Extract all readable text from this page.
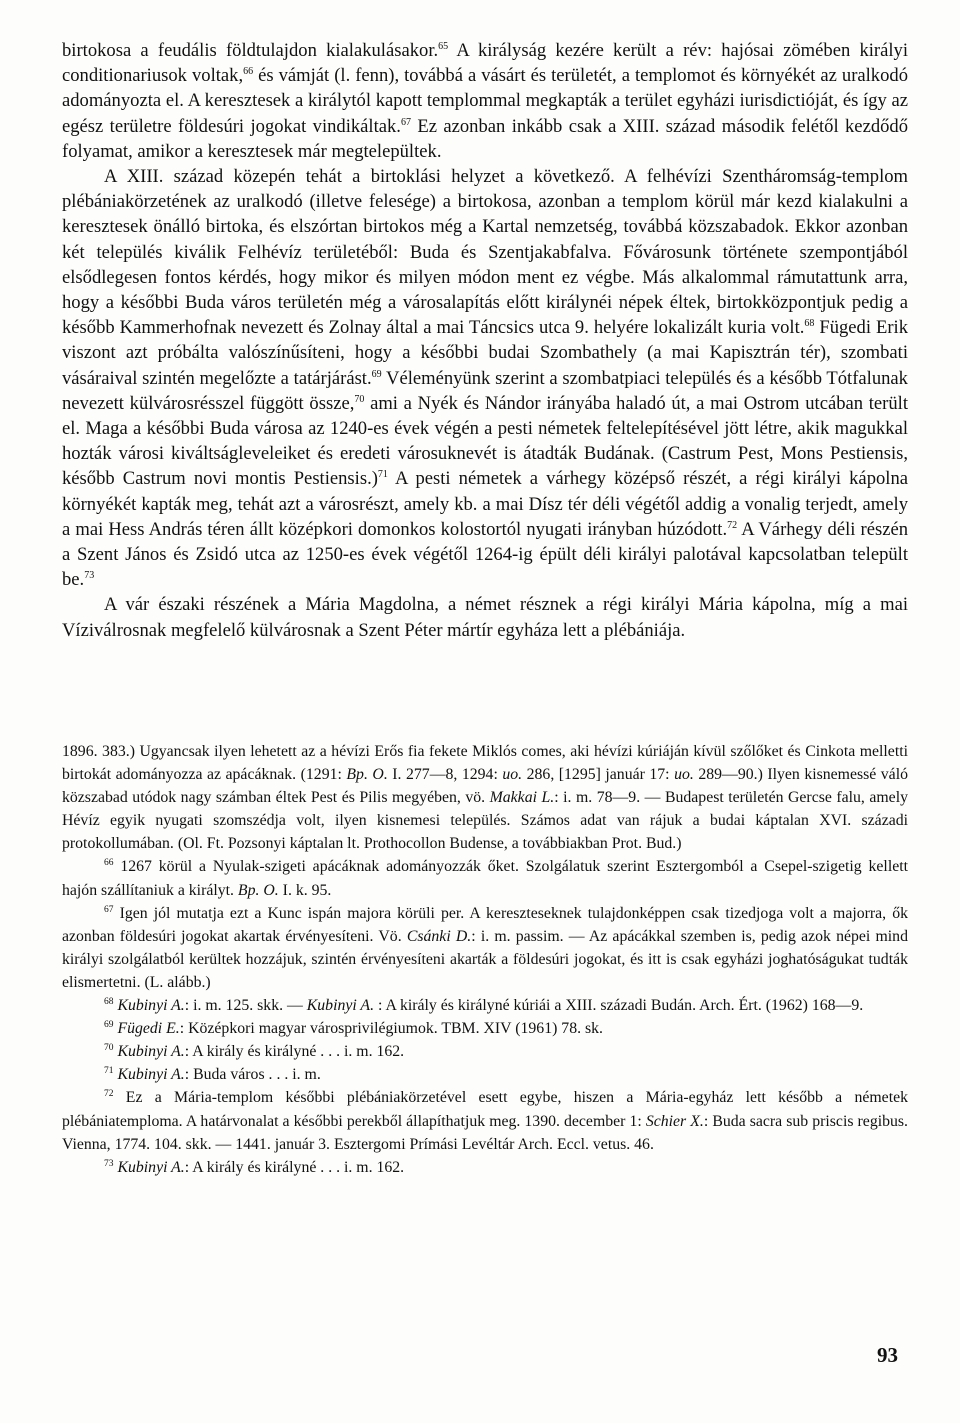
birtokosa a feudális földtulajdon kialakulásakor.$^{65}$ A királyság kezére került a rév: hajósai zömében királyi conditionariusok voltak,$^{66}$ és vámját (l. fenn), továbbá a vásárt és területét, a templomot és környékét az uralkodó adományozta el. A keresztesek a királytól kapott templommal megkapták a terület egyházi iurisdictióját, és így az egész területre földesúri jogokat vindikáltak.$^{67}$ Ez azonban inkább csak a XIII. század második felétől kezdődő folyamat, amikor a keresztesek már megtelepültek.

A XIII. század közepén tehát a birtoklási helyzet a következő. A felhévízi Szentháromság-templom plébániakörzetének az uralkodó (illetve felesége) a birtokosa, azonban a templom körül már kezd kialakulni a keresztesek önálló birtoka, és elszórtan birtokos még a Kartal nemzetség, továbbá közszabadok. Ekkor azonban két település kiválik Felhévíz területéből: Buda és Szentjakabfalva. Fővárosunk története szempontjából elsődlegesen fontos kérdés, hogy mikor és milyen módon ment ez végbe. Más alkalommal rámutattunk arra, hogy a későbbi Buda város területén még a városalapítás előtt királynéi népek éltek, birtokközpontjuk pedig a később Kammerhofnak nevezett és Zolnay által a mai Táncsics utca 9. helyére lokalizált kuria volt.$^{68}$ Fügedi Erik viszont azt próbálta valószínűsíteni, hogy a későbbi budai Szombathely (a mai Kapisztrán tér), szombati vásáraival szintén megelőzte a tatárjárást.$^{69}$ Véleményünk szerint a szombatpiaci település és a később Tótfalunak nevezett külvárosrésszel függött össze,$^{70}$ ami a Nyék és Nándor irányába haladó út, a mai Ostrom utcában terült el. Maga a későbbi Buda városa az 1240-es évek végén a pesti németek feltelepítésével jött létre, akik magukkal hozták városi kiváltságleveleiket és eredeti városuknevét is átadták Budának. (Castrum Pest, Mons Pestiensis, később Castrum novi montis Pestiensis.)$^{71}$ A pesti németek a várhegy középső részét, a régi királyi kápolna környékét kapták meg, tehát azt a városrészt, amely kb. a mai Dísz tér déli végétől addig a vonalig terjedt, amely a mai Hess András téren állt középkori domonkos kolostortól nyugati irányban húzódott.$^{72}$ A Várhegy déli részén a Szent János és Zsidó utca az 1250-es évek végétől 1264-ig épült déli királyi palotával kapcsolatban települt be.$^{73}$

A vár északi részének a Mária Magdolna, a német résznek a régi királyi Mária kápolna, míg a mai Víziválrosnak megfelelő külvárosnak a Szent Péter mártír egyháza lett a plébániája.

1896. 383.) Ugyancsak ilyen lehetett az a hévízi Erős fia fekete Miklós comes, aki hévízi kúriáján kívül szőlőket és Cinkota melletti birtokát adományozza az apácáknak. (1291: Bp. O. I. 277—8, 1294: uo. 286, [1295] január 17: uo. 289—90.) Ilyen kisnemessé váló közszabad utódok nagy számban éltek Pest és Pilis megyében, vö. Makkai L.: i. m. 78—9. — Budapest területén Gercse falu, amely Hévíz egyik nyugati szomszédja volt, ilyen kisnemesi település. Számos adat van rájuk a budai káptalan XVI. századi protokollumában. (Ol. Ft. Pozsonyi káptalan lt. Prothocollon Budense, a továbbiakban Prot. Bud.)

$^{66}$ 1267 körül a Nyulak-szigeti apácáknak adományozzák őket. Szolgálatuk szerint Esztergomból a Csepel-szigetig kellett hajón szállítaniuk a királyt. Bp. O. I. k. 95.

$^{67}$ Igen jól mutatja ezt a Kunc ispán majora körüli per. A kereszteseknek tulajdonképpen csak tizedjoga volt a majorra, ők azonban földesúri jogokat akartak érvényesíteni. Vö. Csánki D.: i. m. passim. — Az apácákkal szemben is, pedig azok népei mind királyi szolgálatból kerültek hozzájuk, szintén érvényesíteni akarták a földesúri jogokat, és itt is csak egyházi joghatóságukat tudták elismertetni. (L. alább.)

$^{68}$ Kubinyi A.: i. m. 125. skk. — Kubinyi A. : A király és királyné kúriái a XIII. századi Budán. Arch. Ért. (1962) 168—9.

$^{69}$ Fügedi E.: Középkori magyar városprivilégiumok. TBM. XIV (1961) 78. sk.

$^{70}$ Kubinyi A.: A király és királyné . . . i. m. 162.

$^{71}$ Kubinyi A.: Buda város . . . i. m.

$^{72}$ Ez a Mária-templom későbbi plébániakörzetével esett egybe, hiszen a Mária-egyház lett később a németek plébániatemploma. A határvonalat a későbbi perekből állapíthatjuk meg. 1390. december 1: Schier X.: Buda sacra sub priscis regibus. Vienna, 1774. 104. skk. — 1441. január 3. Esztergomi Prímási Levéltár Arch. Eccl. vetus. 46.

$^{73}$ Kubinyi A.: A király és királyné . . . i. m. 162.

93
